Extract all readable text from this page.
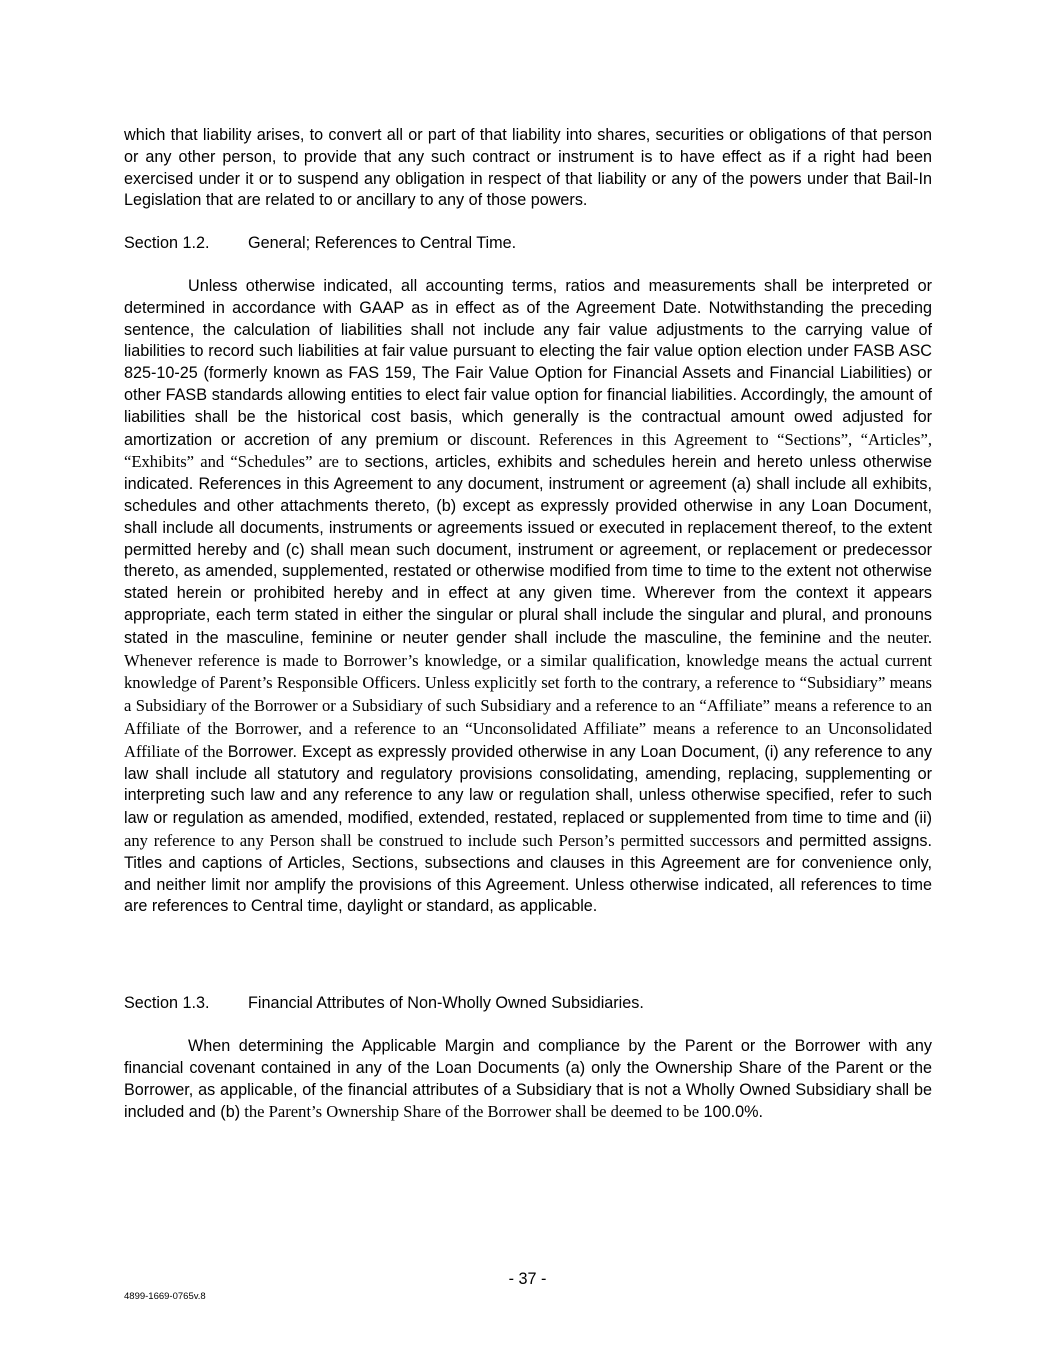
which that liability arises, to convert all or part of that liability into shares, securities or obligations of that person or any other person, to provide that any such contract or instrument is to have effect as if a right had been exercised under it or to suspend any obligation in respect of that liability or any of the powers under that Bail-In Legislation that are related to or ancillary to any of those powers.

Section 1.2. General; References to Central Time.

Unless otherwise indicated, all accounting terms, ratios and measurements shall be interpreted or determined in accordance with GAAP as in effect as of the Agreement Date. Notwithstanding the preceding sentence, the calculation of liabilities shall not include any fair value adjustments to the carrying value of liabilities to record such liabilities at fair value pursuant to electing the fair value option election under FASB ASC 825-10-25 (formerly known as FAS 159, The Fair Value Option for Financial Assets and Financial Liabilities) or other FASB standards allowing entities to elect fair value option for financial liabilities. Accordingly, the amount of liabilities shall be the historical cost basis, which generally is the contractual amount owed adjusted for amortization or accretion of any premium or discount. References in this Agreement to “Sections”, “Articles”, “Exhibits” and “Schedules” are to sections, articles, exhibits and schedules herein and hereto unless otherwise indicated. References in this Agreement to any document, instrument or agreement (a) shall include all exhibits, schedules and other attachments thereto, (b) except as expressly provided otherwise in any Loan Document, shall include all documents, instruments or agreements issued or executed in replacement thereof, to the extent permitted hereby and (c) shall mean such document, instrument or agreement, or replacement or predecessor thereto, as amended, supplemented, restated or otherwise modified from time to time to the extent not otherwise stated herein or prohibited hereby and in effect at any given time. Wherever from the context it appears appropriate, each term stated in either the singular or plural shall include the singular and plural, and pronouns stated in the masculine, feminine or neuter gender shall include the masculine, the feminine and the neuter. Whenever reference is made to Borrower’s knowledge, or a similar qualification, knowledge means the actual current knowledge of Parent’s Responsible Officers. Unless explicitly set forth to the contrary, a reference to “Subsidiary” means a Subsidiary of the Borrower or a Subsidiary of such Subsidiary and a reference to an “Affiliate” means a reference to an Affiliate of the Borrower, and a reference to an “Unconsolidated Affiliate” means a reference to an Unconsolidated Affiliate of the Borrower. Except as expressly provided otherwise in any Loan Document, (i) any reference to any law shall include all statutory and regulatory provisions consolidating, amending, replacing, supplementing or interpreting such law and any reference to any law or regulation shall, unless otherwise specified, refer to such law or regulation as amended, modified, extended, restated, replaced or supplemented from time to time and (ii) any reference to any Person shall be construed to include such Person’s permitted successors and permitted assigns. Titles and captions of Articles, Sections, subsections and clauses in this Agreement are for convenience only, and neither limit nor amplify the provisions of this Agreement. Unless otherwise indicated, all references to time are references to Central time, daylight or standard, as applicable.

Section 1.3. Financial Attributes of Non-Wholly Owned Subsidiaries.

When determining the Applicable Margin and compliance by the Parent or the Borrower with any financial covenant contained in any of the Loan Documents (a) only the Ownership Share of the Parent or the Borrower, as applicable, of the financial attributes of a Subsidiary that is not a Wholly Owned Subsidiary shall be included and (b) the Parent’s Ownership Share of the Borrower shall be deemed to be 100.0%.

- 37 -
4899-1669-0765v.8
